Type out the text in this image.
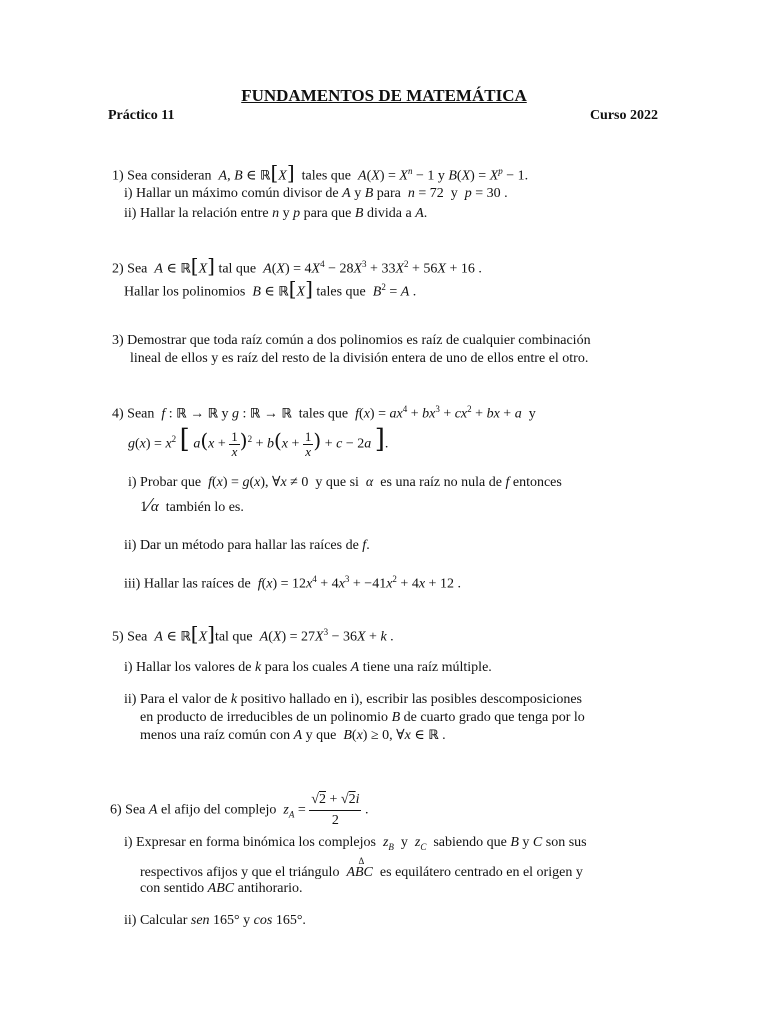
FUNDAMENTOS DE MATEMÁTICA
Práctico 11	Curso 2022
1) Sea consideran A, B ∈ ℝ[X] tales que $A(X) = X^n - 1$ y $B(X) = X^p - 1$.
i) Hallar un máximo común divisor de A y B para n = 72  y  p = 30 .
ii) Hallar la relación entre n y p para que B divida a A.
2) Sea A ∈ ℝ[X] tal que $A(X) = 4X^4 - 28X^3 + 33X^2 + 56X + 16$ .
Hallar los polinomios B ∈ ℝ[X] tales que $B^2 = A$ .
3) Demostrar que toda raíz común a dos polinomios es raíz de cualquier combinación
lineal de ellos y es raíz del resto de la división entera de uno de ellos entre el otro.
4) Sean f : ℝ → ℝ y g : ℝ → ℝ tales que $f(x) = ax^4 + bx^3 + cx^2$ + bx + a  y
$g(x) = x^2$ [ $a(x + \frac{1}{x} )^2 + b(x + \frac{1}{x}$ ) + c − 2a ].
i) Probar que f(x) = g(x), ∀x ≠ 0  y que si α es una raíz no nula de f entonces
1⁄α también lo es.
ii) Dar un método para hallar las raíces de f.
iii) Hallar las raíces de $f(x) = 12x^4 + 4x^3 + -41x^2 + 4x + 12$ .
5) Sea A ∈ ℝ[X]tal que $A(X) = 27X^3 - 36X + k$ .
i) Hallar los valores de k para los cuales A tiene una raíz múltiple.
ii) Para el valor de k positivo hallado en i), escribir las posibles descomposiciones
en producto de irreducibles de un polinomio B de cuarto grado que tenga por lo
menos una raíz común con A y que B(x) ≥ 0, ∀x ∈ ℝ .
6) Sea A el afijo del complejo $z_A = \frac{√2 + √2i}{2}$ .
i) Expresar en forma binómica los complejos $z_B$ y $z_C$ sabiendo que B y C son sus
respectivos afijos y que el triángulo
Δ
ABC es equilátero centrado en el origen y
con sentido ABC antihorario.
ii) Calcular sen 165° y cos 165°.
